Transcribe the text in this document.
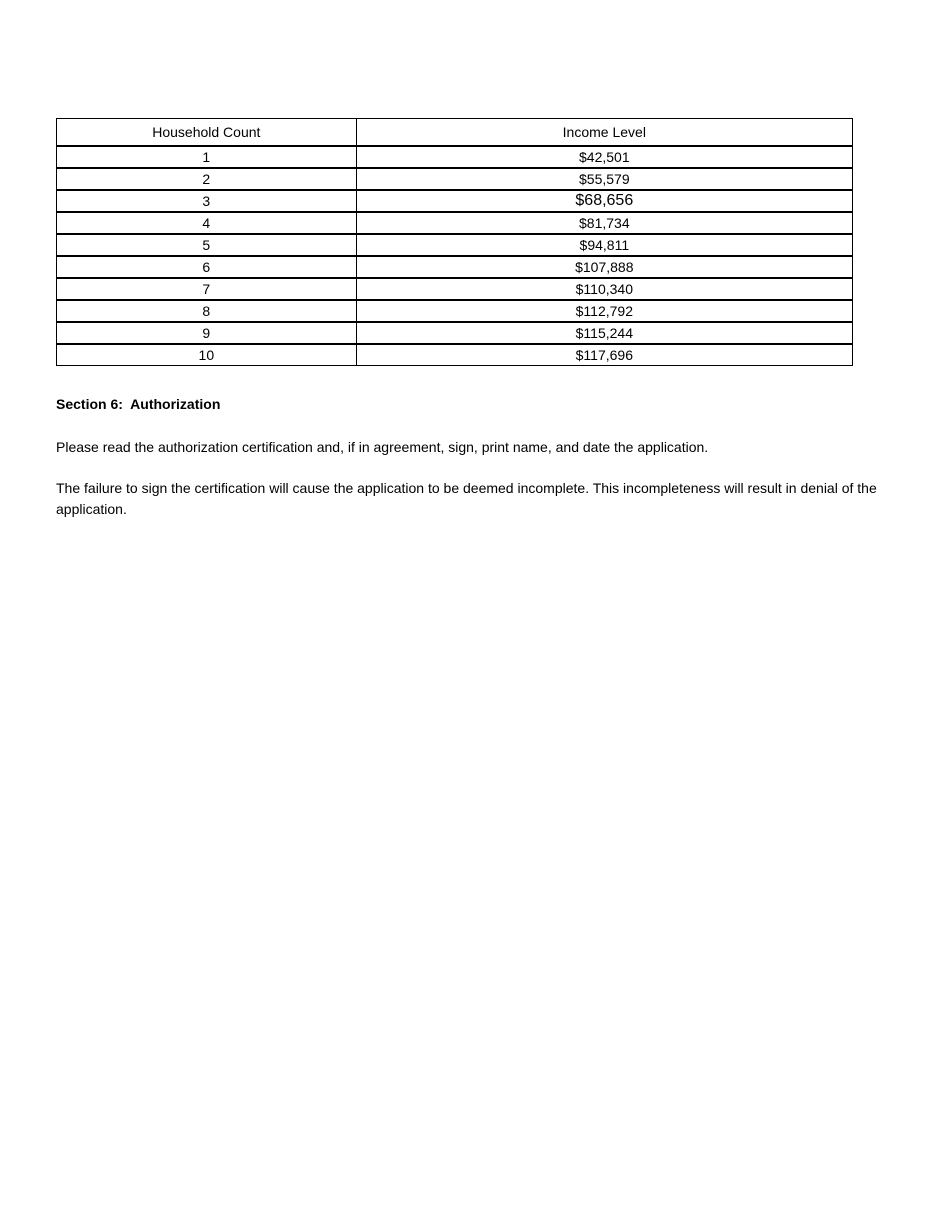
Household Count	Income Level
1	$42,501
2	$55,579
3	$68,656
4	$81,734
5	$94,811
6	$107,888
7	$110,340
8	$112,792
9	$115,244
10	$117,696
Section 6:  Authorization

Please read the authorization certification and, if in agreement, sign, print name, and date the application.

The failure to sign the certification will cause the application to be deemed incomplete. This incompleteness will result in denial of the application.
